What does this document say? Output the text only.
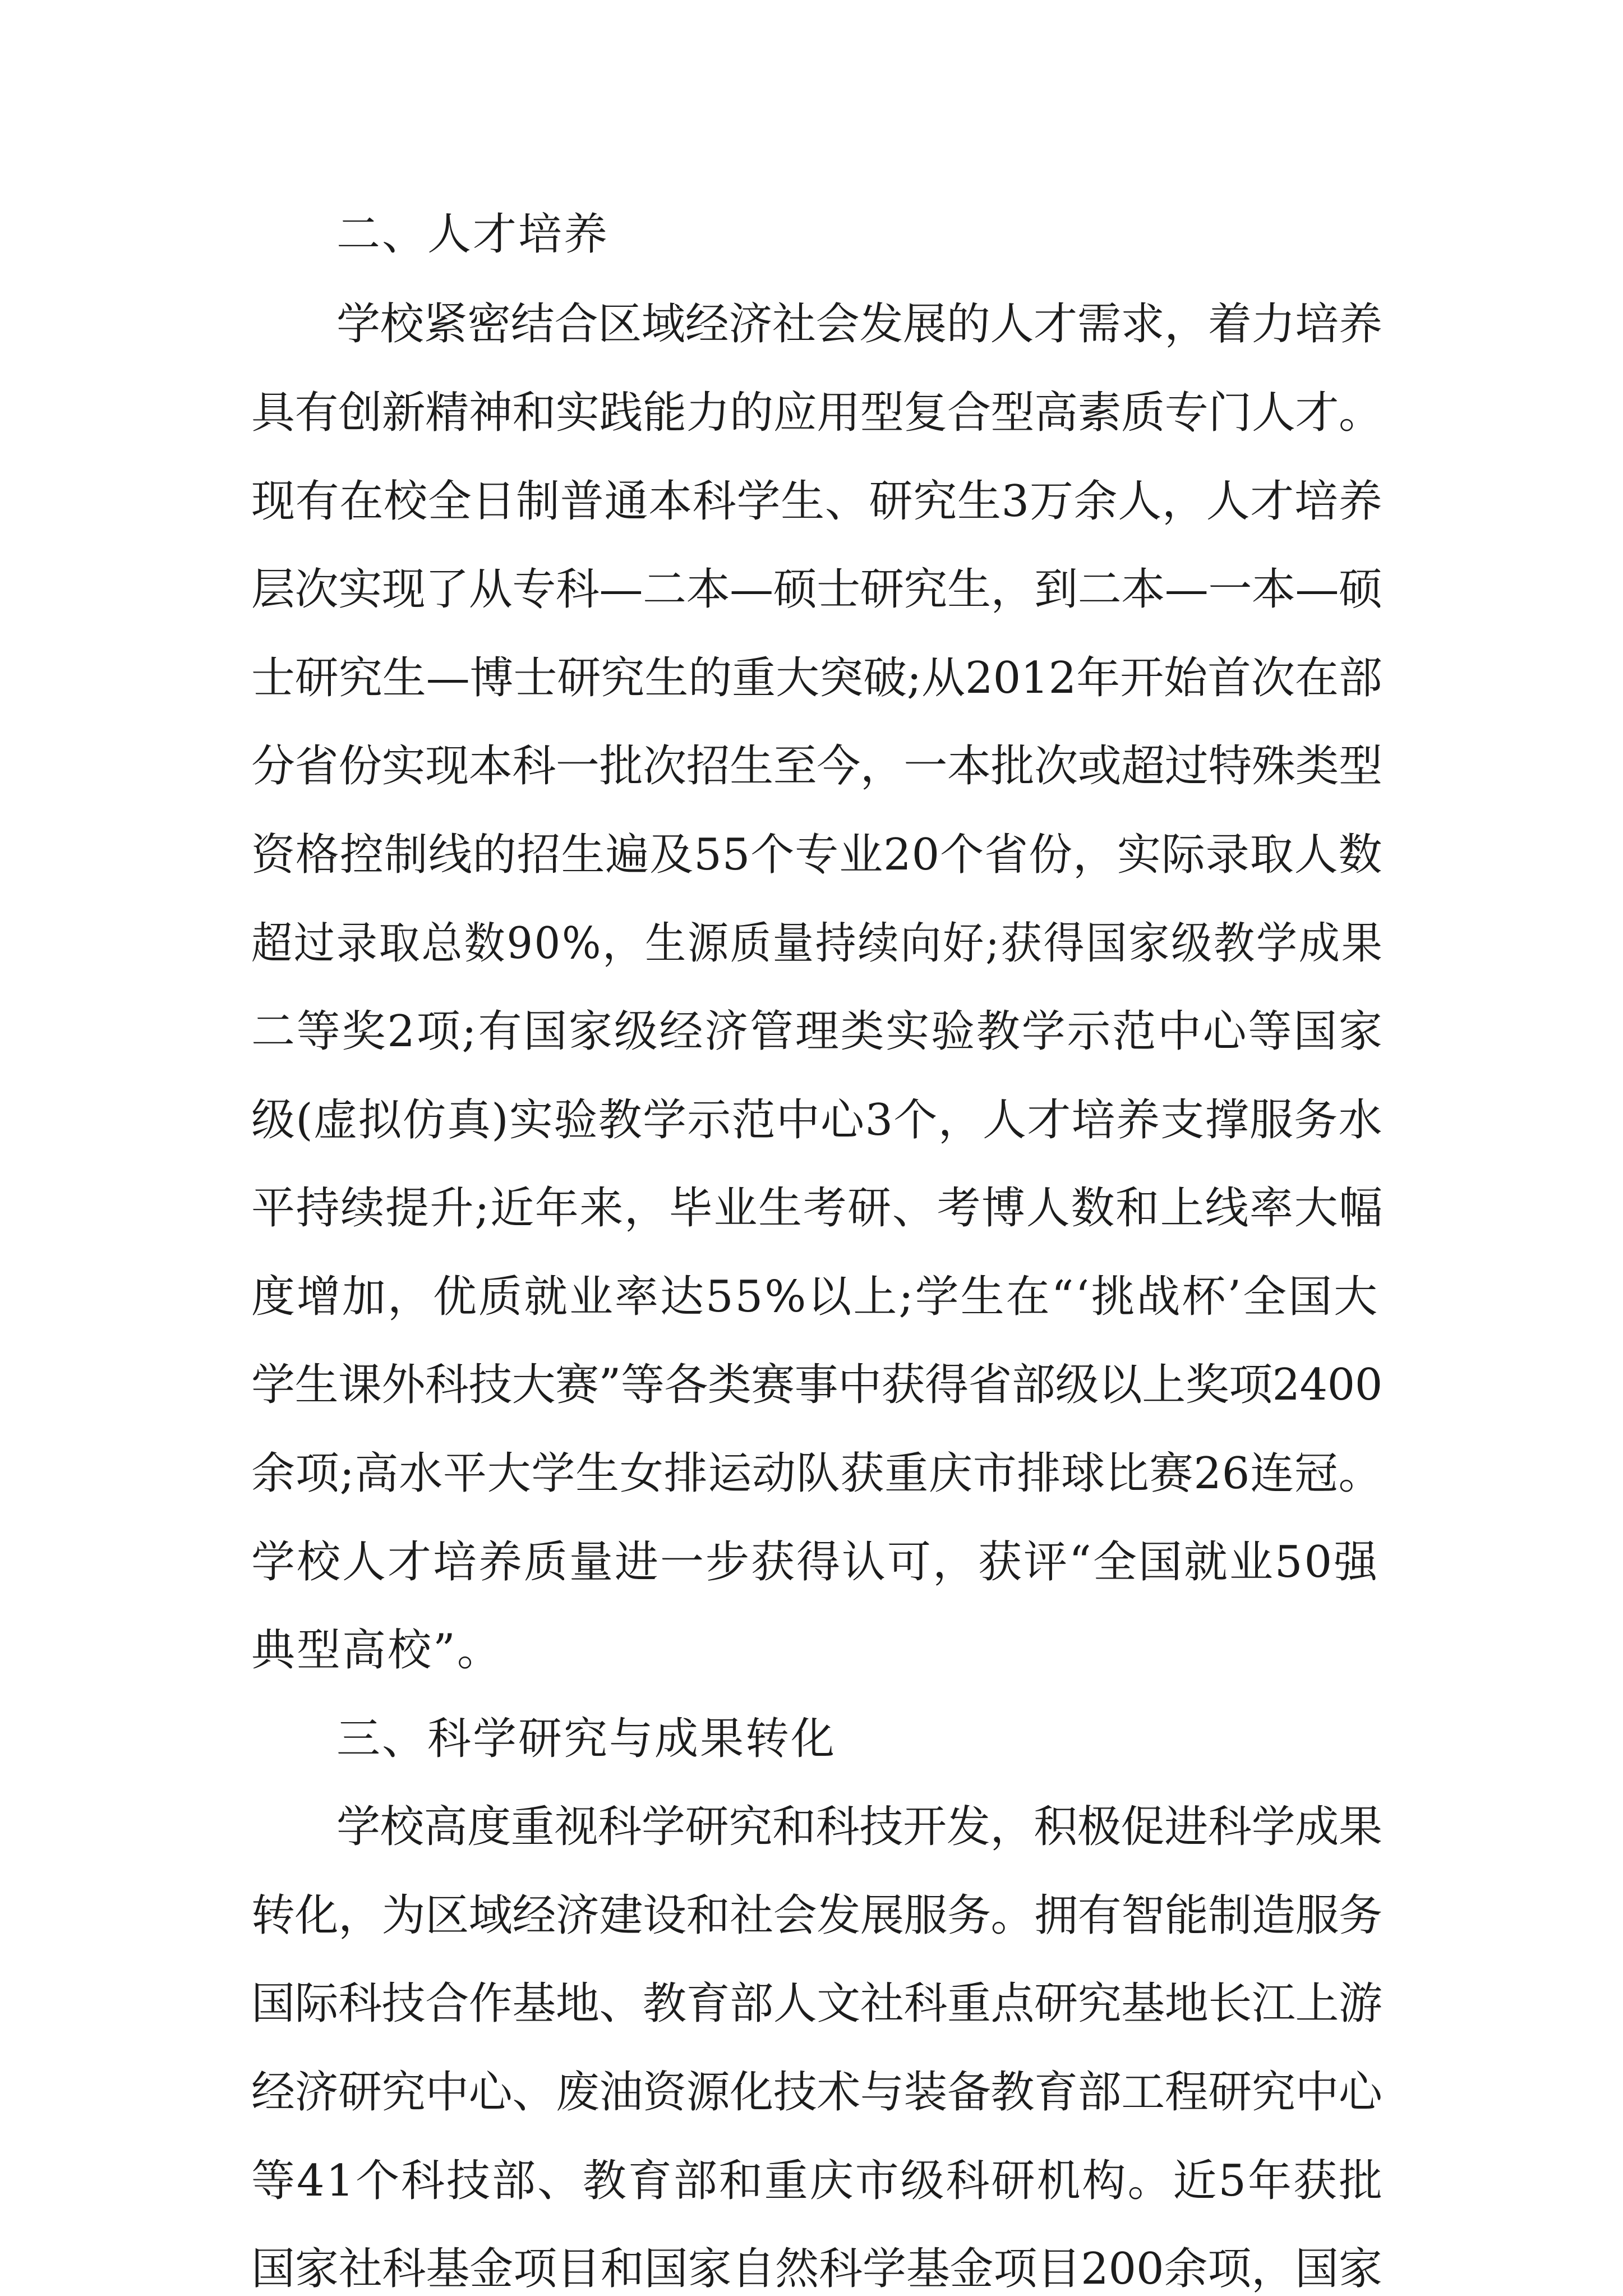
二、人才培养
学校紧密结合区域经济社会发展的人才需求，着力培养
具有创新精神和实践能力的应用型复合型高素质专门人才。
现有在校全日制普通本科学生、研究生3万余人，人才培养
层次实现了从专科—二本—硕士研究生，到二本—一本—硕
士研究生—博士研究生的重大突破;从2012年开始首次在部
分省份实现本科一批次招生至今，一本批次或超过特殊类型
资格控制线的招生遍及55个专业20个省份，实际录取人数
超过录取总数90%，生源质量持续向好;获得国家级教学成果
二等奖2项;有国家级经济管理类实验教学示范中心等国家
级(虚拟仿真)实验教学示范中心3个，人才培养支撑服务水
平持续提升;近年来，毕业生考研、考博人数和上线率大幅
度增加，优质就业率达55%以上;学生在“‘挑战杯’全国大
学生课外科技大赛”等各类赛事中获得省部级以上奖项2400
余项;高水平大学生女排运动队获重庆市排球比赛26连冠。
学校人才培养质量进一步获得认可，获评“全国就业50强
典型高校”。
三、科学研究与成果转化
学校高度重视科学研究和科技开发，积极促进科学成果
转化，为区域经济建设和社会发展服务。拥有智能制造服务
国际科技合作基地、教育部人文社科重点研究基地长江上游
经济研究中心、废油资源化技术与装备教育部工程研究中心
等41个科技部、教育部和重庆市级科研机构。近5年获批
国家社科基金项目和国家自然科学基金项目200余项，国家
